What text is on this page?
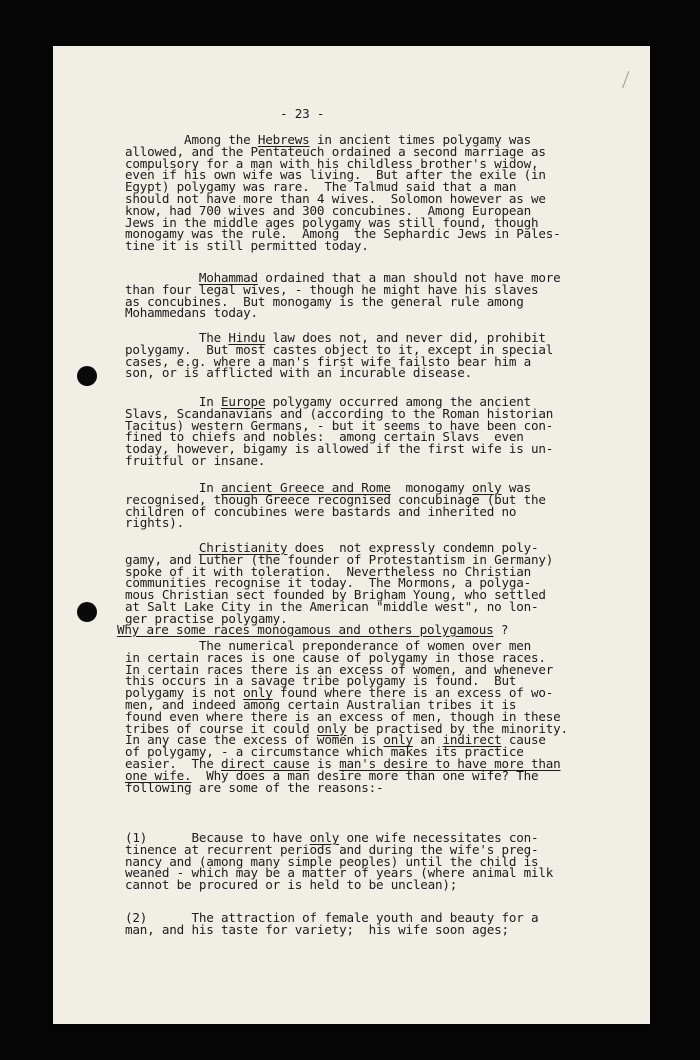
- 23 -
Among the Hebrews in ancient times polygamy was
allowed, and the Pentateuch ordained a second marriage as
compulsory for a man with his childless brother's widow,
even if his own wife was living.  But after the exile (in
Egypt) polygamy was rare.  The Talmud said that a man
should not have more than 4 wives.  Solomon however as we
know, had 700 wives and 300 concubines.  Among European
Jews in the middle ages polygamy was still found, though
monogamy was the rule.  Among  the Sephardic Jews in Pales-
tine it is still permitted today.
Mohammad ordained that a man should not have more
than four legal wives, - though he might have his slaves
as concubines.  But monogamy is the general rule among
Mohammedans today.
The Hindu law does not, and never did, prohibit
polygamy.  But most castes object to it, except in special
cases, e.g. where a man's first wife failsto bear him a
son, or is afflicted with an incurable disease.
In Europe polygamy occurred among the ancient
Slavs, Scandanavians and (according to the Roman historian
Tacitus) western Germans, - but it seems to have been con-
fined to chiefs and nobles:  among certain Slavs  even
today, however, bigamy is allowed if the first wife is un-
fruitful or insane.
In ancient Greece and Rome  monogamy only was
recognised, though Greece recognised concubinage (but the
children of concubines were bastards and inherited no
rights).
Christianity does  not expressly condemn poly-
gamy, and Luther (the founder of Protestantism in Germany)
spoke of it with toleration.  Nevertheless no Christian
communities recognise it today.  The Mormons, a polyga-
mous Christian sect founded by Brigham Young, who settled
at Salt Lake City in the American "middle west", no lon-
ger practise polygamy.
Why are some races monogamous and others polygamous ?
The numerical preponderance of women over men
in certain races is one cause of polygamy in those races.
In certain races there is an excess of women, and whenever
this occurs in a savage tribe polygamy is found.  But
polygamy is not only found where there is an excess of wo-
men, and indeed among certain Australian tribes it is
found even where there is an excess of men, though in these
tribes of course it could only be practised by the minority.
In any case the excess of women is only an indirect cause
of polygamy, - a circumstance which makes its practice
easier.  The direct cause is man's desire to have more than
one wife.  Why does a man desire more than one wife? The
following are some of the reasons:-
(1)      Because to have only one wife necessitates con-
tinence at recurrent periods and during the wife's preg-
nancy and (among many simple peoples) until the child is
weaned - which may be a matter of years (where animal milk
cannot be procured or is held to be unclean);
(2)      The attraction of female youth and beauty for a
man, and his taste for variety;  his wife soon ages;
